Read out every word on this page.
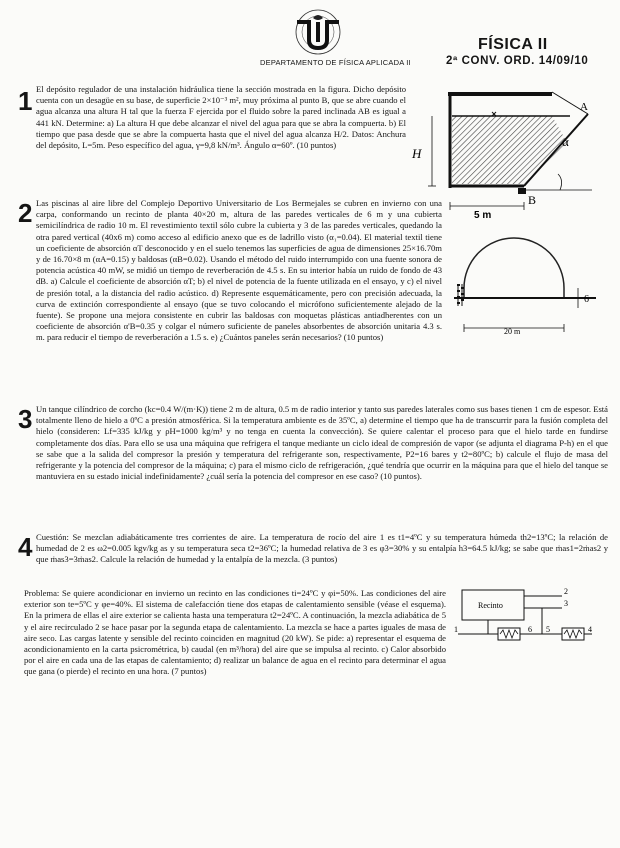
DEPARTAMENTO DE FÍSICA APLICADA II
FÍSICA II
2ª CONV. ORD. 14/09/10
1 El depósito regulador de una instalación hidráulica tiene la sección mostrada en la figura. Dicho depósito cuenta con un desagüe en su base, de superficie 2×10⁻³ m², muy próxima al punto B, que se abre cuando el agua alcanza una altura H tal que la fuerza F ejercida por el fluido sobre la pared inclinada AB es igual a 441 kN. Determine: a) La altura H que debe alcanzar el nivel del agua para que se abra la compuerta. b) El tiempo que pasa desde que se abre la compuerta hasta que el nivel del agua alcanza H/2. Datos: Anchura del depósito, L=5m. Peso específico del agua, γ=9,8 kN/m³. Ángulo α=60º. (10 puntos)
H
A
B
α
5 m
2 Las piscinas al aire libre del Complejo Deportivo Universitario de Los Bermejales se cubren en invierno con una carpa, conformando un recinto de planta 40×20 m, altura de las paredes verticales de 6 m y una cubierta semicilíndrica de radio 10 m. El revestimiento textil sólo cubre la cubierta y 3 de las paredes verticales, quedando la otra pared vertical (40x6 m) como acceso al edificio anexo que es de ladrillo visto (α₁=0.04). El material textil tiene un coeficiente de absorción αT desconocido y en el suelo tenemos las superficies de agua de dimensiones 25×16.70m y de 16.70×8 m (αA=0.15) y baldosas (αB=0.02). Usando el método del ruido interrumpido con una fuente sonora de potencia acústica 40 mW, se midió un tiempo de reverberación de 4.5 s. En su interior había un ruido de fondo de 43 dB. a) Calcule el coeficiente de absorción αT; b) el nivel de potencia de la fuente utilizada en el ensayo, y c) el nivel de presión total, a la distancia del radio acústico. d) Represente esquemáticamente, pero con precisión adecuada, la curva de extinción correspondiente al ensayo (que se tuvo colocando el micrófono suficientemente alejado de la fuente). Se propone una mejora consistente en cubrir las baldosas con moquetas plásticas antiadherentes con un coeficiente de absorción α'B=0.35 y colgar el número suficiente de paneles absorbentes de absorción unitaria 4.3 s. m. para reducir el tiempo de reverberación a 1.5 s. e) ¿Cuántos paneles serán necesarios? (10 puntos)
6
20 m
3 Un tanque cilíndrico de corcho (kc=0.4 W/(m·K)) tiene 2 m de altura, 0.5 m de radio interior y tanto sus paredes laterales como sus bases tienen 1 cm de espesor. Está totalmente lleno de hielo a 0ºC a presión atmosférica. Si la temperatura ambiente es de 35ºC, a) determine el tiempo que ha de transcurrir para la fusión completa del hielo (consideren: Lf=335 kJ/kg y ρH=1000 kg/m³ y no tenga en cuenta la convección). Se quiere calentar el proceso para que el hielo tarde en fundirse completamente dos días. Para ello se usa una máquina que refrigera el tanque mediante un ciclo ideal de compresión de vapor (se adjunta el diagrama P-h) en el que se sabe que a la salida del compresor la presión y temperatura del refrigerante son, respectivamente, P2=16 bares y t2=80ºC; b) calcule el flujo de masa del refrigerante y la potencia del compresor de la máquina; c) para el mismo ciclo de refrigeración, ¿qué tendría que ocurrir en la máquina para que el hielo del tanque se mantuviera en su estado inicial indefinidamente? ¿cuál sería la potencia del compresor en ese caso? (10 puntos).
4 Cuestión: Se mezclan adiabáticamente tres corrientes de aire. La temperatura de rocío del aire 1 es t1=4ºC y su temperatura húmeda th2=13ºC; la relación de humedad de 2 es ω2=0.005 kgv/kg as y su temperatura seca t2=36ºC; la humedad relativa de 3 es φ3=30% y su entalpía h3=64.5 kJ/kg; se sabe que ṁas1=2ṁas2 y que ṁas3=3ṁas2. Calcule la relación de humedad y la entalpía de la mezcla. (3 puntos)
Problema: Se quiere acondicionar en invierno un recinto en las condiciones ti=24ºC y φi=50%. Las condiciones del aire exterior son te=5ºC y φe=40%. El sistema de calefacción tiene dos etapas de calentamiento sensible (véase el esquema). En la primera de ellas el aire exterior se calienta hasta una temperatura t2=24ºC. A continuación, la mezcla adiabática de 5 y el aire recirculado 2 se hace pasar por la segunda etapa de calentamiento. La mezcla se hace a partes iguales de masa de aire seco. Las cargas latente y sensible del recinto coinciden en magnitud (20 kW). Se pide: a) representar el esquema de acondicionamiento en la carta psicrométrica, b) caudal (en m³/hora) del aire que se impulsa al recinto. c) Calor absorbido por el aire en cada una de las etapas de calentamiento; d) realizar un balance de agua en el recinto para determinar el agua que gana (o pierde) el recinto en una hora. (7 puntos)
Recinto
1
2
3
4
5
6
